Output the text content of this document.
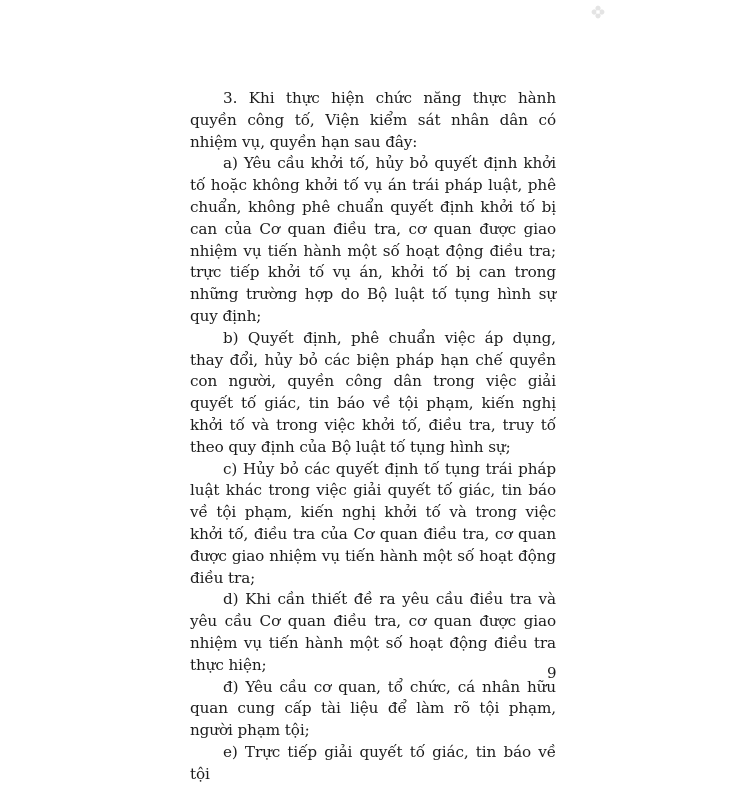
3. Khi thực hiện chức năng thực hành quyền công tố, Viện kiểm sát nhân dân có nhiệm vụ, quyền hạn sau đây:

a) Yêu cầu khởi tố, hủy bỏ quyết định khởi tố hoặc không khởi tố vụ án trái pháp luật, phê chuẩn, không phê chuẩn quyết định khởi tố bị can của Cơ quan điều tra, cơ quan được giao nhiệm vụ tiến hành một số hoạt động điều tra; trực tiếp khởi tố vụ án, khởi tố bị can trong những trường hợp do Bộ luật tố tụng hình sự quy định;

b) Quyết định, phê chuẩn việc áp dụng, thay đổi, hủy bỏ các biện pháp hạn chế quyền con người, quyền công dân trong việc giải quyết tố giác, tin báo về tội phạm, kiến nghị khởi tố và trong việc khởi tố, điều tra, truy tố theo quy định của Bộ luật tố tụng hình sự;

c) Hủy bỏ các quyết định tố tụng trái pháp luật khác trong việc giải quyết tố giác, tin báo về tội phạm, kiến nghị khởi tố và trong việc khởi tố, điều tra của Cơ quan điều tra, cơ quan được giao nhiệm vụ tiến hành một số hoạt động điều tra;

d) Khi cần thiết đề ra yêu cầu điều tra và yêu cầu Cơ quan điều tra, cơ quan được giao nhiệm vụ tiến hành một số hoạt động điều tra thực hiện;

đ) Yêu cầu cơ quan, tổ chức, cá nhân hữu quan cung cấp tài liệu để làm rõ tội phạm, người phạm tội;

e) Trực tiếp giải quyết tố giác, tin báo về tội

9
